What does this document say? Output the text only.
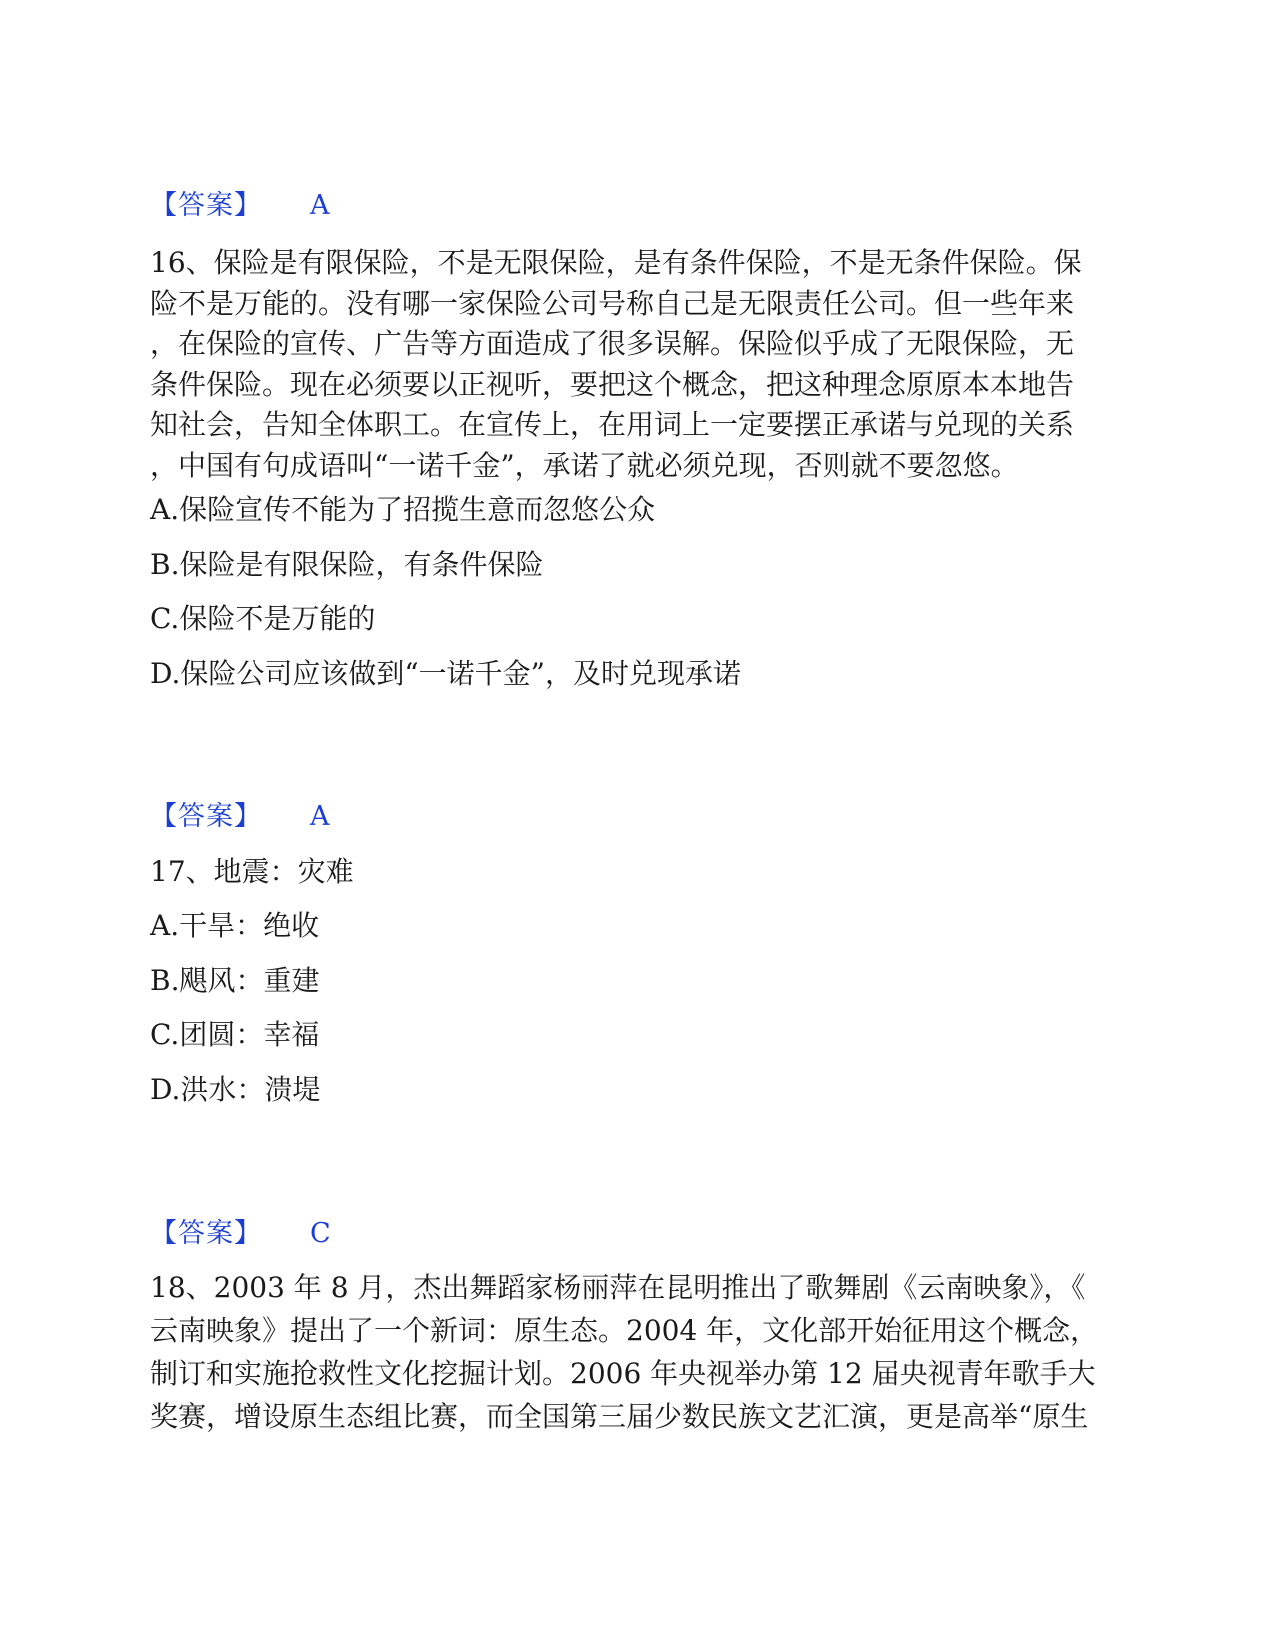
【答案】 A

16、保险是有限保险，不是无限保险，是有条件保险，不是无条件保险。保

险不是万能的。没有哪一家保险公司号称自己是无限责任公司。但一些年来

，在保险的宣传、广告等方面造成了很多误解。保险似乎成了无限保险，无

条件保险。现在必须要以正视听，要把这个概念，把这种理念原原本本地告

知社会，告知全体职工。在宣传上，在用词上一定要摆正承诺与兑现的关系

，中国有句成语叫“一诺千金”，承诺了就必须兑现，否则就不要忽悠。

A.保险宣传不能为了招揽生意而忽悠公众
B.保险是有限保险，有条件保险
C.保险不是万能的
D.保险公司应该做到“一诺千金”，及时兑现承诺
【答案】 A
17、地震：灾难
A.干旱：绝收
B.飓风：重建
C.团圆：幸福
D.洪水：溃堤
【答案】 C

18、2003 年 8 月，杰出舞蹈家杨丽萍在昆明推出了歌舞剧《云南映象》，《

云南映象》提出了一个新词：原生态。2004 年，文化部开始征用这个概念，

制订和实施抢救性文化挖掘计划。2006 年央视举办第 12 届央视青年歌手大

奖赛，增设原生态组比赛，而全国第三届少数民族文艺汇演，更是高举“原生
